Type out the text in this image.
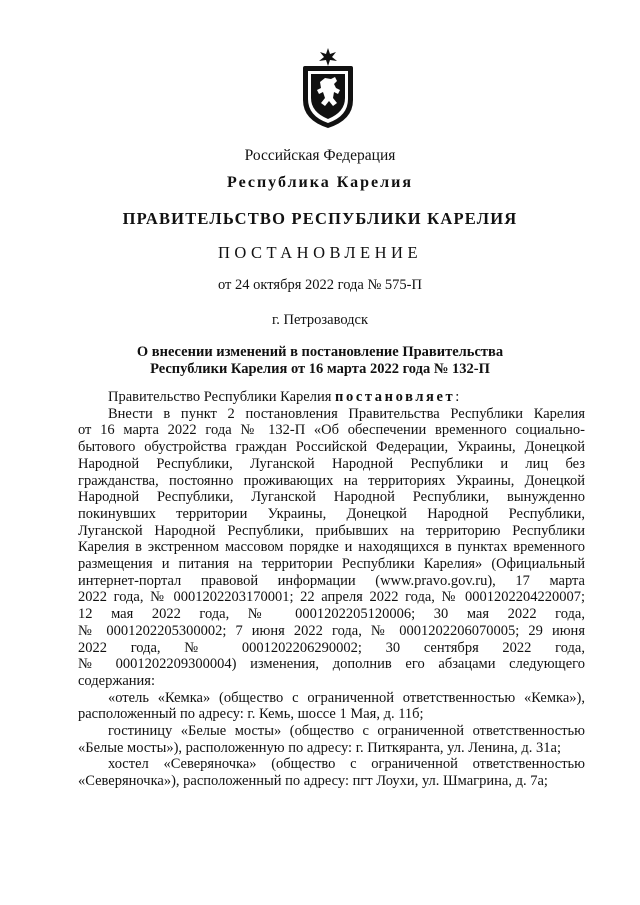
Российская Федерация
Республика Карелия
ПРАВИТЕЛЬСТВО РЕСПУБЛИКИ КАРЕЛИЯ
ПОСТАНОВЛЕНИЕ
от 24 октября 2022 года № 575-П
г. Петрозаводск
О внесении изменений в постановление Правительства
Республики Карелия от 16 марта 2022 года № 132-П

Правительство Республики Карелия постановляет:

Внести в пункт 2 постановления Правительства Республики Карелия
от 16 марта 2022 года № 132-П «Об обеспечении временного социально-
бытового обустройства граждан Российской Федерации, Украины, Донецкой
Народной Республики, Луганской Народной Республики и лиц без
гражданства, постоянно проживающих на территориях Украины, Донецкой
Народной Республики, Луганской Народной Республики, вынужденно
покинувших территории Украины, Донецкой Народной Республики,
Луганской Народной Республики, прибывших на территорию Республики
Карелия в экстренном массовом порядке и находящихся в пунктах временного
размещения и питания на территории Республики Карелия» (Официальный
интернет-портал правовой информации (www.pravo.gov.ru), 17 марта
2022 года, № 0001202203170001; 22 апреля 2022 года, № 0001202204220007;
12 мая 2022 года, № 0001202205120006; 30 мая 2022 года,
№ 0001202205300002; 7 июня 2022 года, № 0001202206070005; 29 июня
2022 года, № 0001202206290002; 30 сентября 2022 года,
№ 0001202209300004) изменения, дополнив его абзацами следующего
содержания:

«отель «Кемка» (общество с ограниченной ответственностью «Кемка»),
расположенный по адресу: г. Кемь, шоссе 1 Мая, д. 11б;

гостиницу «Белые мосты» (общество с ограниченной ответственностью
«Белые мосты»), расположенную по адресу: г. Питкяранта, ул. Ленина, д. 31а;

хостел «Северяночка» (общество с ограниченной ответственностью
«Северяночка»), расположенный по адресу: пгт Лоухи, ул. Шмагрина, д. 7а;
